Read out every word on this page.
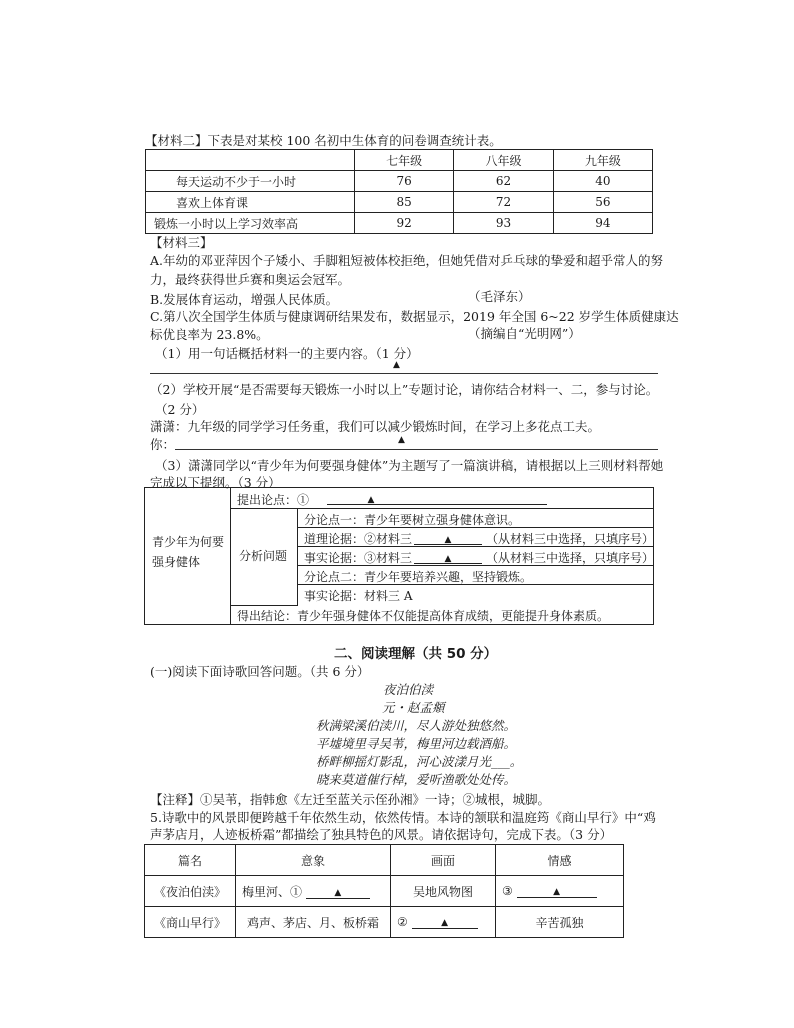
【材料二】下表是对某校 100 名初中生体育的问卷调查统计表。
	七年级	八年级	九年级
每天运动不少于一小时	76	62	40
喜欢上体育课	85	72	56
锻炼一小时以上学习效率高	92	93	94
【材料三】
A.年幼的邓亚萍因个子矮小、手脚粗短被体校拒绝，但她凭借对乒乓球的挚爱和超乎常人的努
力，最终获得世乒赛和奥运会冠军。
B.发展体育运动，增强人民体质。	（毛泽东）
C.第八次全国学生体质与健康调研结果发布，数据显示，2019 年全国 6~22 岁学生体质健康达
标优良率为 23.8%。	（摘编自“光明网”）
（1）用一句话概括材料一的主要内容。（1 分）
▲
（2）学校开展“是否需要每天锻炼一小时以上”专题讨论，请你结合材料一、二，参与讨论。
（2 分）
潇潇：九年级的同学学习任务重，我们可以减少锻炼时间，在学习上多花点工夫。
你：	▲
（3）潇潇同学以“青少年为何要强身健体”为主题写了一篇演讲稿，请根据以上三则材料帮她
完成以下提纲。（3 分）
青少年为何要强身健体
提出论点：①	▲
分析问题
分论点一：青少年要树立强身健体意识。
道理论据：②材料三	▲	（从材料三中选择，只填序号）
事实论据：③材料三	▲	（从材料三中选择，只填序号）
分论点二：青少年要培养兴趣，坚持锻炼。
事实论据：材料三 A
得出结论：青少年强身健体不仅能提高体育成绩，更能提升身体素质。
二、阅读理解（共 50 分）
(一)阅读下面诗歌回答问题。（共 6 分）
夜泊伯渎
元・赵孟頫
秋满梁溪伯渎川，尽人游处独悠然。
平墟境里寻吴苇，梅里河边载酒船。
桥畔柳摇灯影乱，河心波漾月光___。
晓来莫道催行棹，爱听渔歌处处传。
【注释】①吴苇，指韩愈《左迁至蓝关示侄孙湘》一诗；②城根，城脚。
5.诗歌中的风景即便跨越千年依然生动，依然传情。本诗的颔联和温庭筠《商山早行》中“鸡
声茅店月，人迹板桥霜”都描绘了独具特色的风景。请依据诗句，完成下表。（3 分）
篇名	意象	画面	情感
《夜泊伯渎》	梅里河、① ▲	吴地风物图	③ ▲
《商山早行》	鸡声、茅店、月、板桥霜	② ▲	辛苦孤独
